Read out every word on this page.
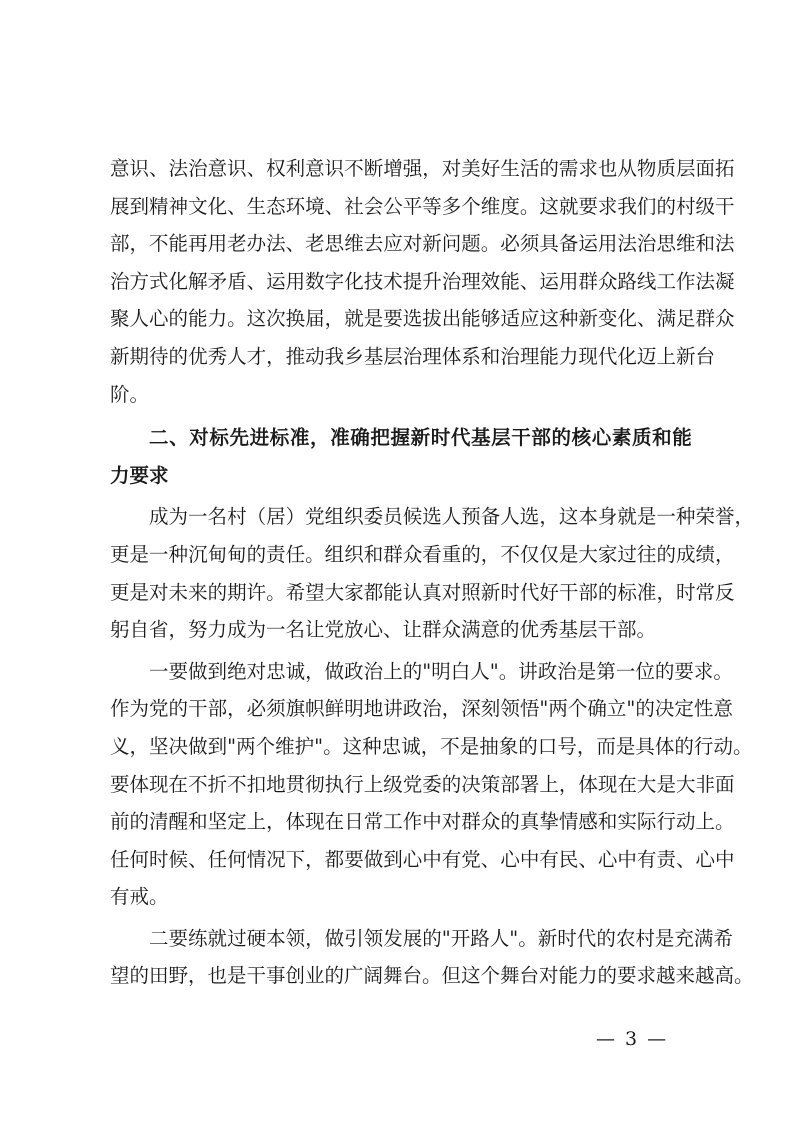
意 识 、 法 治 意 识 、 权 利 意 识 不 断 增 强 ， 对 美 好 生 活 的 需 求 也 从 物 质 层 面 拓
展 到 精 神 文 化 、 生 态 环 境 、 社 会 公 平 等 多 个 维 度 。 这 就 要 求 我 们 的 村 级 干
部 ， 不 能 再 用 老 办 法 、 老 思 维 去 应 对 新 问 题 。 必 须 具 备 运 用 法 治 思 维 和 法
治 方 式 化 解 矛 盾 、 运 用 数 字 化 技 术 提 升 治 理 效 能 、 运 用 群 众 路 线 工 作 法 凝
聚 人 心 的 能 力 。 这 次 换 届 ， 就 是 要 选 拔 出 能 够 适 应 这 种 新 变 化 、 满 足 群 众
新 期 待 的 优 秀 人 才 ， 推 动 我 乡 基 层 治 理 体 系 和 治 理 能 力 现 代 化 迈 上 新 台
阶。
二 、 对 标 先 进 标 准 ， 准 确 把 握 新 时 代 基 层 干 部 的 核 心 素 质 和 能
力要求
成 为 一 名 村 （ 居 ） 党 组 织 委 员 候 选 人 预 备 人 选 ， 这 本 身 就 是 一 种 荣 誉 ，
更 是 一 种 沉 甸 甸 的 责 任 。 组 织 和 群 众 看 重 的 ， 不 仅 仅 是 大 家 过 往 的 成 绩 ，
更 是 对 未 来 的 期 许 。 希 望 大 家 都 能 认 真 对 照 新 时 代 好 干 部 的 标 准 ， 时 常 反
躬自省，努力成为一名让党放心、让群众满意的优秀基层干部。
一 要 做 到 绝 对 忠 诚 ， 做 政 治 上 的 " 明 白 人 " 。 讲 政 治 是 第 一 位 的 要 求 。
作 为 党 的 干 部 ， 必 须 旗 帜 鲜 明 地 讲 政 治 ， 深 刻 领 悟 " 两 个 确 立 " 的 决 定 性 意
义 ， 坚 决 做 到 " 两 个 维 护 " 。 这 种 忠 诚 ， 不 是 抽 象 的 口 号 ， 而 是 具 体 的 行 动 。
要 体 现 在 不 折 不 扣 地 贯 彻 执 行 上 级 党 委 的 决 策 部 署 上 ， 体 现 在 大 是 大 非 面
前 的 清 醒 和 坚 定 上 ， 体 现 在 日 常 工 作 中 对 群 众 的 真 挚 情 感 和 实 际 行 动 上 。
任 何 时 候 、 任 何 情 况 下 ， 都 要 做 到 心 中 有 党 、 心 中 有 民 、 心 中 有 责 、 心 中
有戒。
二 要 练 就 过 硬 本 领 ， 做 引 领 发 展 的 " 开 路 人 " 。 新 时 代 的 农 村 是 充 满 希
望的田野，也是干事创业的广阔舞台。但这个舞台对能力的要求越来越高。
— 3 —
